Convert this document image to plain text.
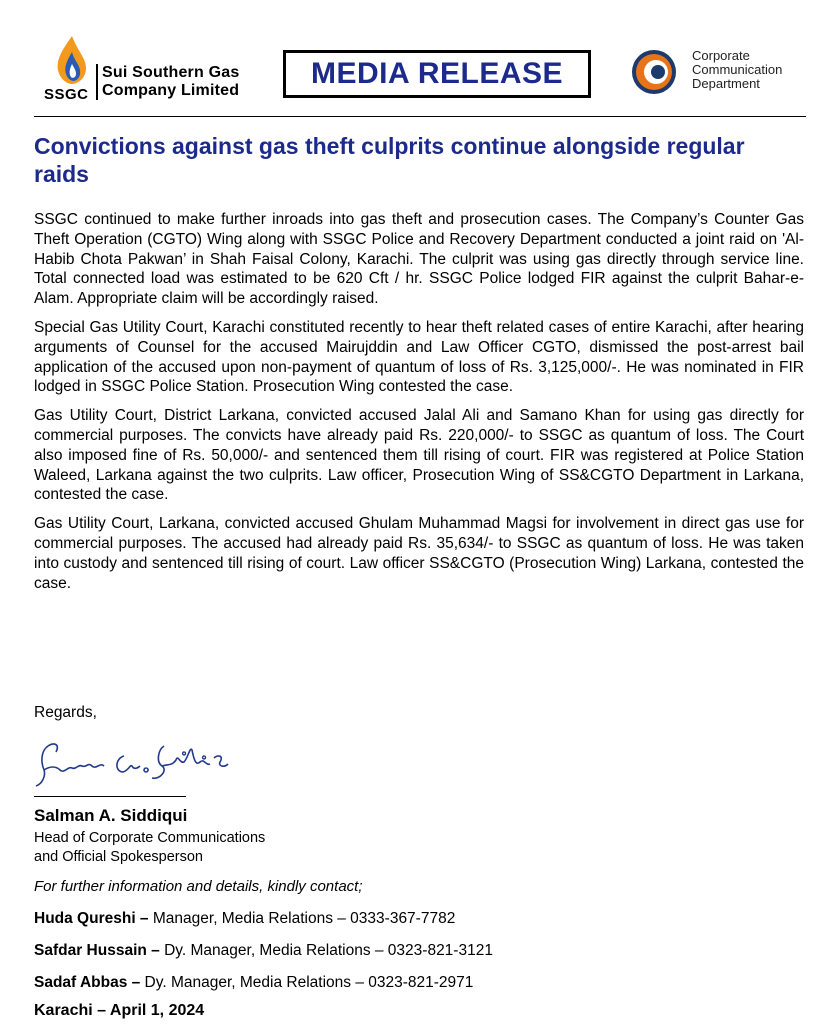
SSGC
Sui Southern Gas
Company Limited
MEDIA RELEASE
Corporate
Communication
Department
Convictions against gas theft culprits continue alongside regular raids

SSGC continued to make further inroads into gas theft and prosecution cases. The Company’s Counter Gas Theft Operation (CGTO) Wing along with SSGC Police and Recovery Department conducted a joint raid on 'Al-Habib Chota Pakwan’ in Shah Faisal Colony, Karachi. The culprit was using gas directly through service line. Total connected load was estimated to be 620 Cft / hr. SSGC Police lodged FIR against the culprit Bahar-e-Alam. Appropriate claim will be accordingly raised.

Special Gas Utility Court, Karachi constituted recently to hear theft related cases of entire Karachi, after hearing arguments of Counsel for the accused Mairujddin and Law Officer CGTO, dismissed the post-arrest bail application of the accused upon non-payment of quantum of loss of Rs. 3,125,000/-. He was nominated in FIR lodged in SSGC Police Station. Prosecution Wing contested the case.

Gas Utility Court, District Larkana, convicted accused Jalal Ali and Samano Khan for using gas directly for commercial purposes. The convicts have already paid Rs. 220,000/- to SSGC as quantum of loss. The Court also imposed fine of Rs. 50,000/- and sentenced them till rising of court. FIR was registered at Police Station Waleed, Larkana against the two culprits. Law officer, Prosecution Wing of SS&CGTO Department in Larkana, contested the case.

Gas Utility Court, Larkana, convicted accused Ghulam Muhammad Magsi for involvement in direct gas use for commercial purposes. The accused had already paid Rs. 35,634/- to SSGC as quantum of loss. He was taken into custody and sentenced till rising of court. Law officer SS&CGTO (Prosecution Wing) Larkana, contested the case.

Regards,
Salman A. Siddiqui
Head of Corporate Communications
and Official Spokesperson
For further information and details, kindly contact;
Huda Qureshi – Manager, Media Relations – 0333-367-7782
Safdar Hussain – Dy. Manager, Media Relations – 0323-821-3121
Sadaf Abbas – Dy. Manager, Media Relations – 0323-821-2971
Karachi – April 1, 2024
